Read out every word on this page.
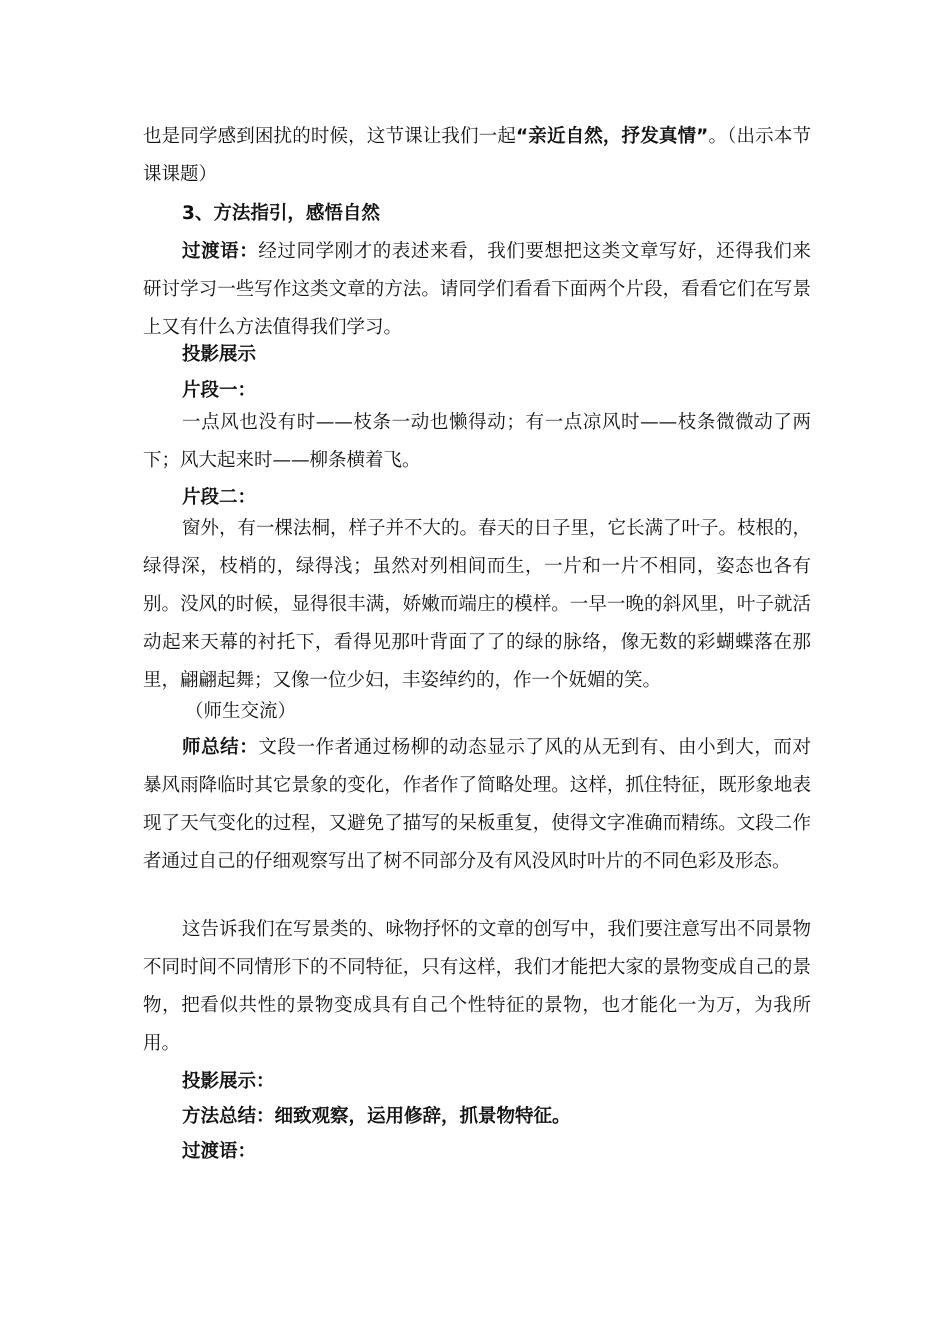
也是同学感到困扰的时候，这节课让我们一起“亲近自然，抒发真情”。（出示本节课课题）

3、方法指引，感悟自然

过渡语：经过同学刚才的表述来看，我们要想把这类文章写好，还得我们来研讨学习一些写作这类文章的方法。请同学们看看下面两个片段，看看它们在写景上又有什么方法值得我们学习。

投影展示

片段一：

一点风也没有时——枝条一动也懒得动；有一点凉风时——枝条微微动了两下；风大起来时——柳条横着飞。

片段二：

窗外，有一棵法桐，样子并不大的。春天的日子里，它长满了叶子。枝根的，绿得深，枝梢的，绿得浅；虽然对列相间而生，一片和一片不相同，姿态也各有别。没风的时候，显得很丰满，娇嫩而端庄的模样。一早一晚的斜风里，叶子就活动起来天幕的衬托下，看得见那叶背面了了的绿的脉络，像无数的彩蝴蝶落在那里，翩翩起舞；又像一位少妇，丰姿绰约的，作一个妩媚的笑。

（师生交流）

师总结：文段一作者通过杨柳的动态显示了风的从无到有、由小到大，而对暴风雨降临时其它景象的变化，作者作了简略处理。这样，抓住特征，既形象地表现了天气变化的过程，又避免了描写的呆板重复，使得文字准确而精练。文段二作者通过自己的仔细观察写出了树不同部分及有风没风时叶片的不同色彩及形态。

这告诉我们在写景类的、咏物抒怀的文章的创写中，我们要注意写出不同景物不同时间不同情形下的不同特征，只有这样，我们才能把大家的景物变成自己的景物，把看似共性的景物变成具有自己个性特征的景物，也才能化一为万，为我所用。

投影展示：

方法总结：细致观察，运用修辞，抓景物特征。

过渡语：
